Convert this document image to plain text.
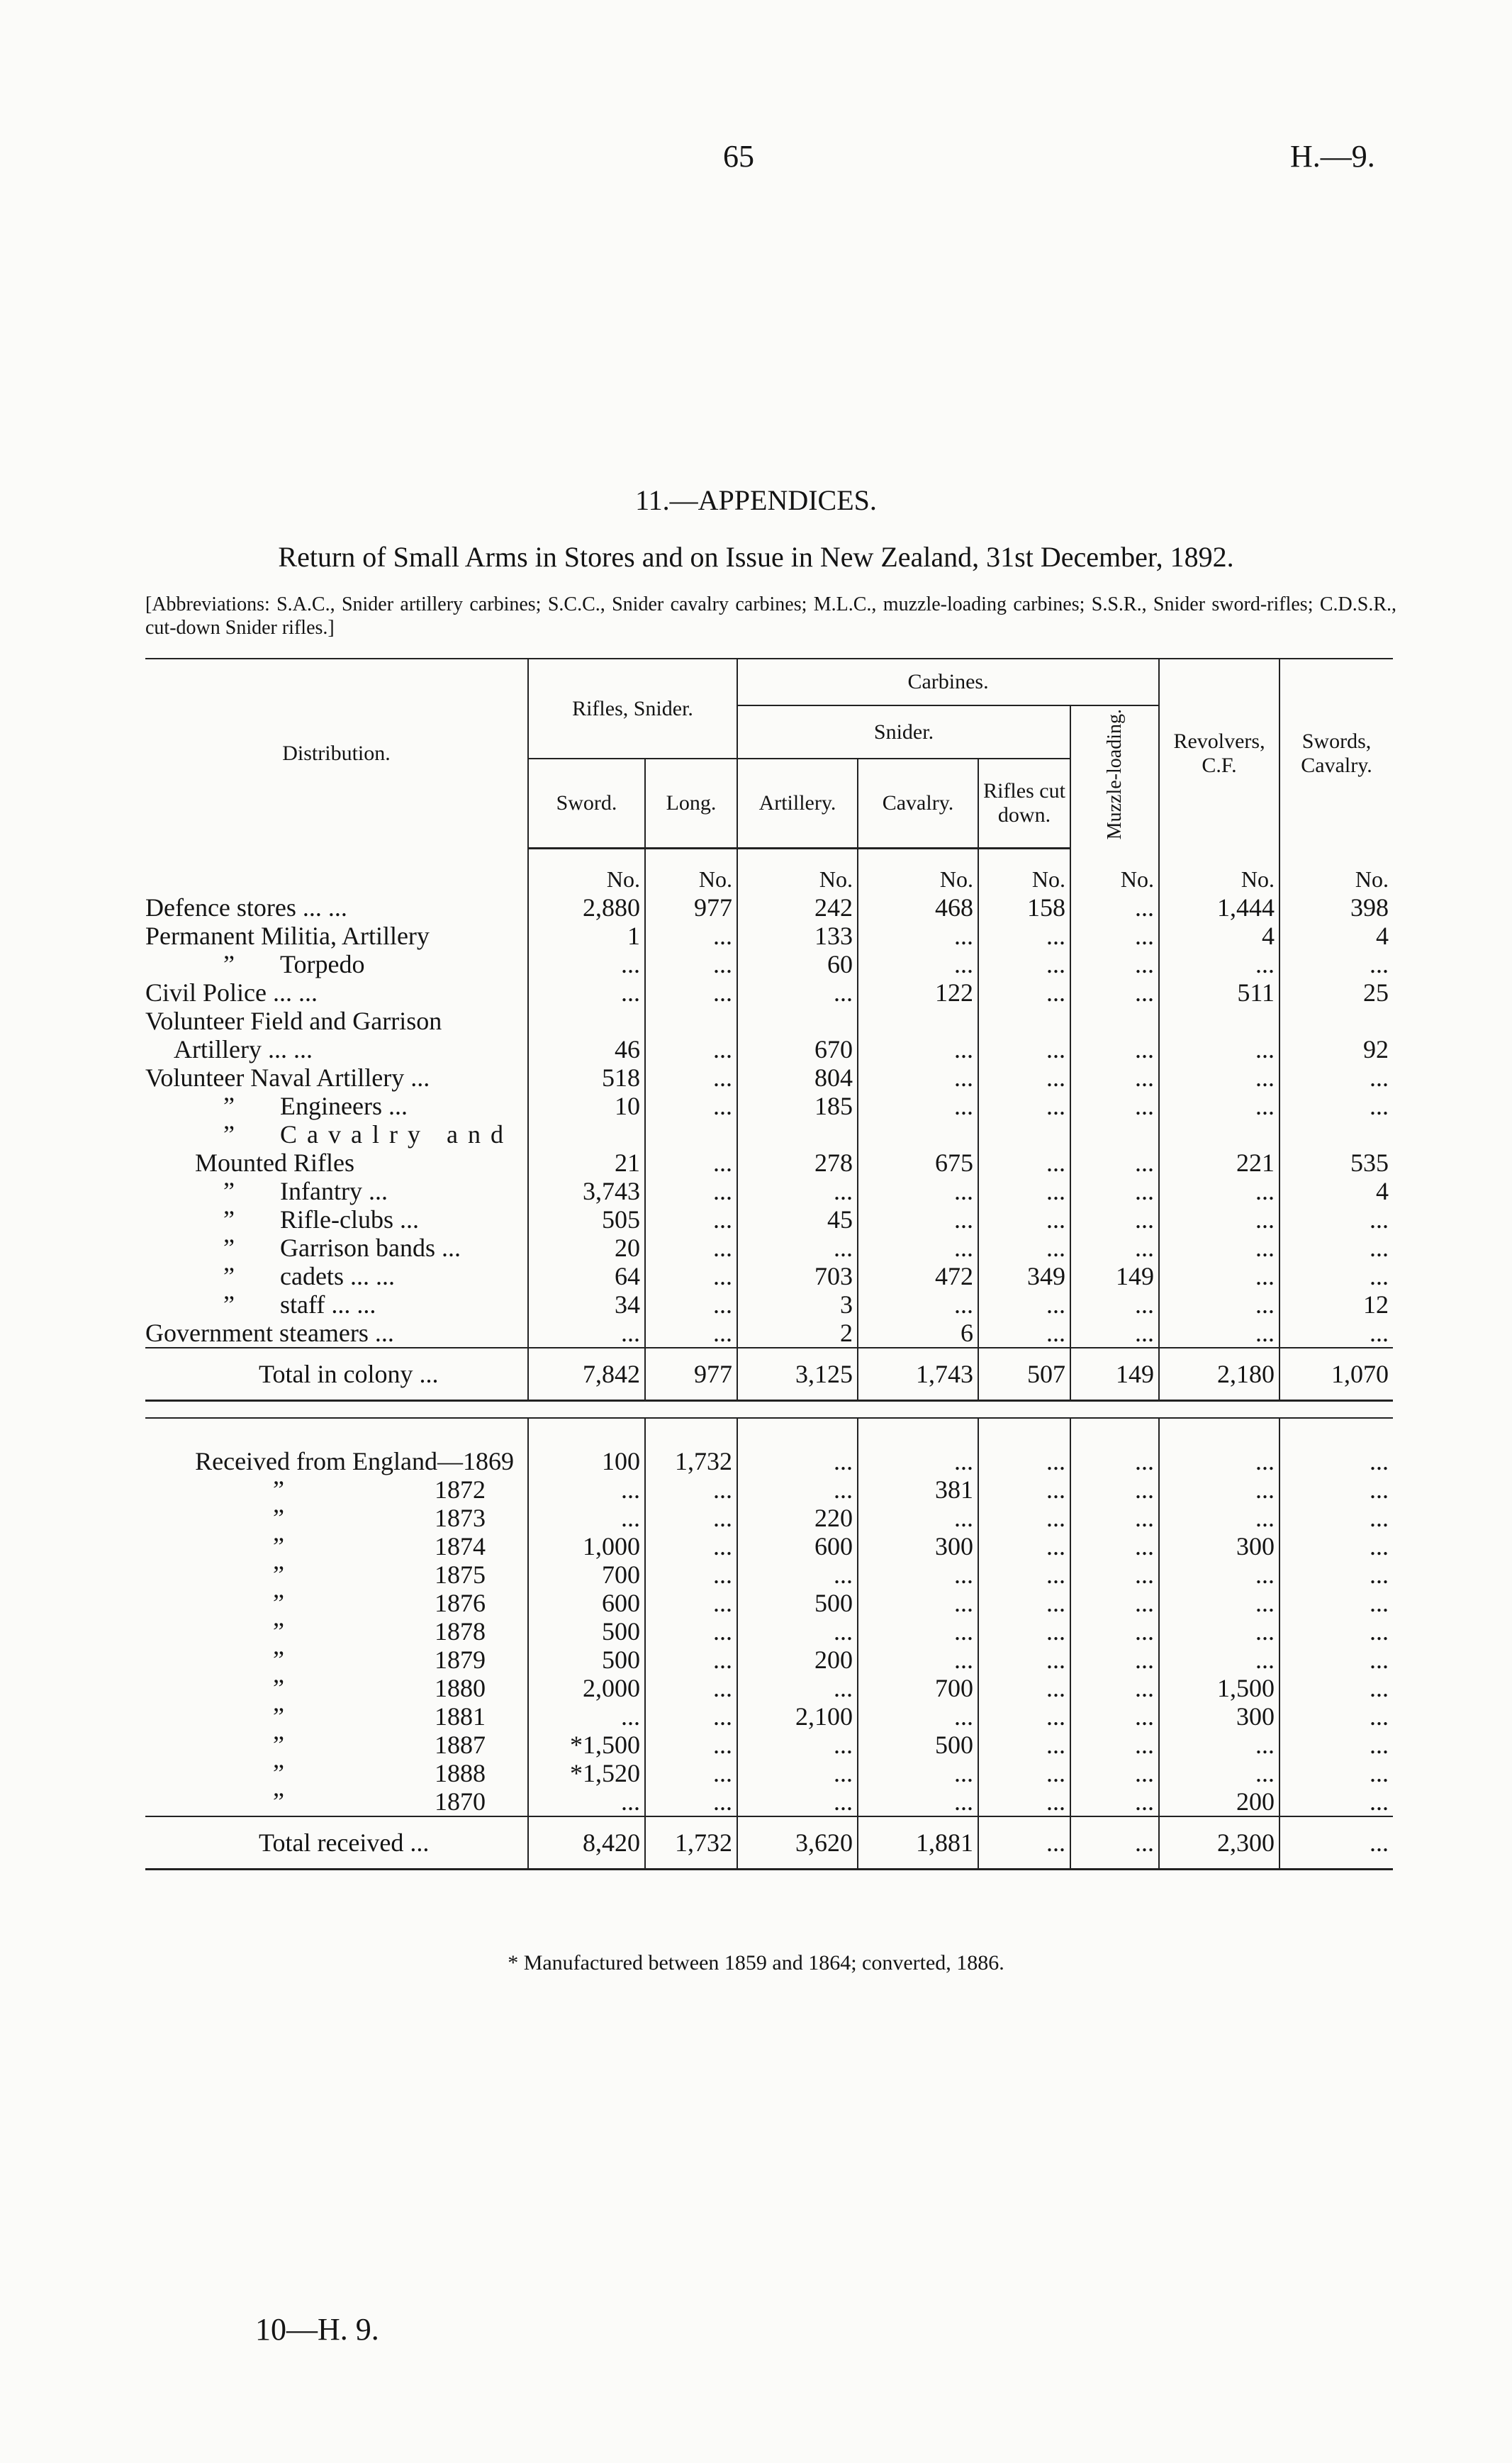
65	H.—9.
11.—APPENDICES.
Return of Small Arms in Stores and on Issue in New Zealand, 31st December, 1892.
[Abbreviations: S.A.C., Snider artillery carbines; S.C.C., Snider cavalry carbines; M.L.C., muzzle-loading carbines; S.S.R., Snider sword-rifles; C.D.S.R., cut-down Snider rifles.]
Distribution.	Rifles, Snider.		Carbines.				Revolvers, C.F.	Swords, Cavalry.
			Snider.			Muzzle-loading.		
	Sword.	Long.	Artillery.	Cavalry.	Rifles cut down.			

	No.	No.	No.	No.	No.	No.	No.	No.
Defence stores ... ...	2,880	977	242	468	158	...	1,444	398
Permanent Militia, Artillery	1	...	133	...	...	...	4	4
” Torpedo	...	...	60	...	...	...	...	...
Civil Police ... ...	...	...	...	122	...	...	511	25
Volunteer Field and Garrison								
Artillery ... ...	46	...	670	...	...	...	...	92
Volunteer Naval Artillery ...	518	...	804	...	...	...	...	...
” Engineers ...	10	...	185	...	...	...	...	...
” Cavalry and								
Mounted Rifles	21	...	278	675	...	...	221	535
” Infantry ...	3,743	...	...	...	...	...	...	4
” Rifle-clubs ...	505	...	45	...	...	...	...	...
” Garrison bands ...	20	...	...	...	...	...	...	...
” cadets ... ...	64	...	703	472	349	149	...	...
” staff ... ...	34	...	3	...	...	...	...	12
Government steamers ...	...	...	2	6	...	...	...	...
Total in colony ...	7,842	977	3,125	1,743	507	149	2,180	1,070

Received from England—1869	100	1,732	...	...	...	...	...	...
” 1872	...	...	...	381	...	...	...	...
” 1873	...	...	220	...	...	...	...	...
” 1874	1,000	...	600	300	...	...	300	...
” 1875	700	...	...	...	...	...	...	...
” 1876	600	...	500	...	...	...	...	...
” 1878	500	...	...	...	...	...	...	...
” 1879	500	...	200	...	...	...	...	...
” 1880	2,000	...	...	700	...	...	1,500	...
” 1881	...	...	2,100	...	...	...	300	...
” 1887	*1,500	...	...	500	...	...	...	...
” 1888	*1,520	...	...	...	...	...	...	...
” 1870	...	...	...	...	...	...	200	...
Total received ...	8,420	1,732	3,620	1,881	...	...	2,300	...
* Manufactured between 1859 and 1864; converted, 1886.
10—H. 9.
